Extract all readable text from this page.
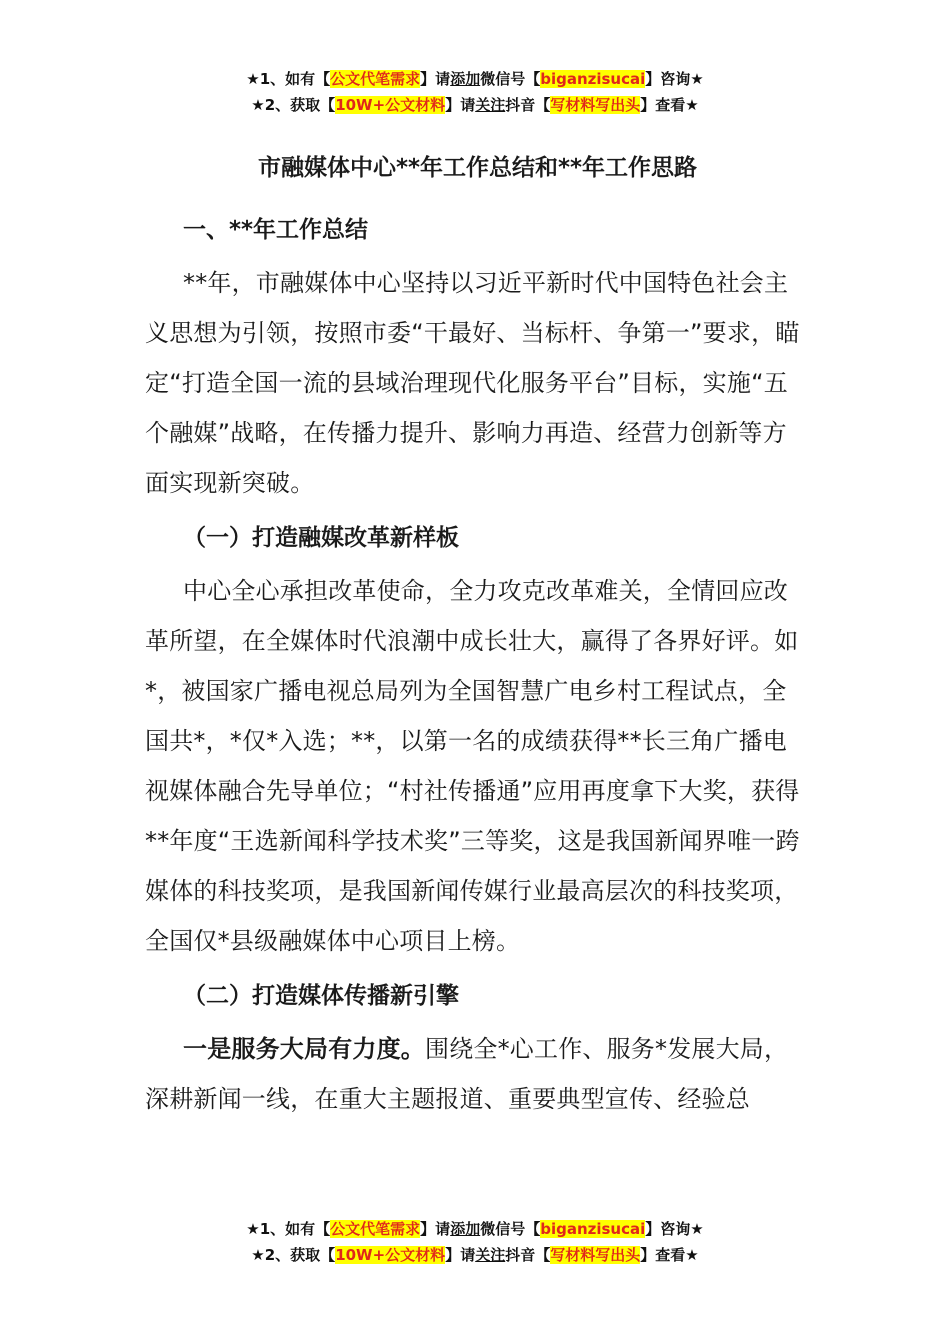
★1、如有【公文代笔需求】请添加微信号【biganzisucai】咨询★
★2、获取【10W+公文材料】请关注抖音【写材料写出头】查看★
市融媒体中心**年工作总结和**年工作思路
一、**年工作总结

**年，市融媒体中心坚持以习近平新时代中国特色社会主义思想为引领，按照市委“干最好、当标杆、争第一”要求，瞄定“打造全国一流的县域治理现代化服务平台”目标，实施“五个融媒”战略，在传播力提升、影响力再造、经营力创新等方面实现新突破。

（一）打造融媒改革新样板

中心全心承担改革使命，全力攻克改革难关，全情回应改革所望，在全媒体时代浪潮中成长壮大，赢得了各界好评。如*，被国家广播电视总局列为全国智慧广电乡村工程试点，全国共*，*仅*入选；**，以第一名的成绩获得**长三角广播电视媒体融合先导单位；“村社传播通”应用再度拿下大奖，获得**年度“王选新闻科学技术奖”三等奖，这是我国新闻界唯一跨媒体的科技奖项，是我国新闻传媒行业最高层次的科技奖项，全国仅*县级融媒体中心项目上榜。

（二）打造媒体传播新引擎

一是服务大局有力度。围绕全*心工作、服务*发展大局，深耕新闻一线，在重大主题报道、重要典型宣传、经验总

★1、如有【公文代笔需求】请添加微信号【biganzisucai】咨询★
★2、获取【10W+公文材料】请关注抖音【写材料写出头】查看★
